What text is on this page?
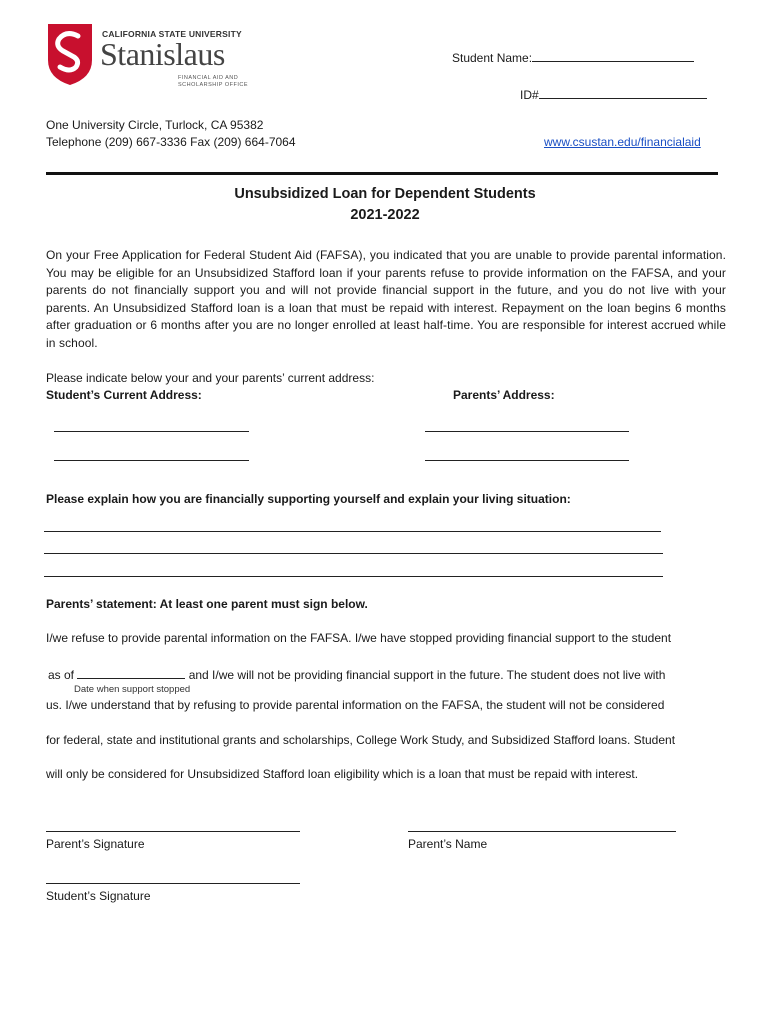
CALIFORNIA STATE UNIVERSITY
Stanislaus
FINANCIAL AID AND
SCHOLARSHIP OFFICE
Student Name:
ID#
One University Circle, Turlock, CA 95382
Telephone (209) 667-3336 Fax (209) 664-7064	www.csustan.edu/financialaid
Unsubsidized Loan for Dependent Students
2021-2022
On your Free Application for Federal Student Aid (FAFSA), you indicated that you are unable to provide parental information. You may be eligible for an Unsubsidized Stafford loan if your parents refuse to provide information on the FAFSA, and your parents do not financially support you and will not provide financial support in the future, and you do not live with your parents. An Unsubsidized Stafford loan is a loan that must be repaid with interest. Repayment on the loan begins 6 months after graduation or 6 months after you are no longer enrolled at least half-time. You are responsible for interest accrued while in school.
Please indicate below your and your parents’ current address:
Student’s Current Address:	Parents’ Address:
Please explain how you are financially supporting yourself and explain your living situation:
Parents’ statement: At least one parent must sign below.
I/we refuse to provide parental information on the FAFSA. I/we have stopped providing financial support to the student
as of	and I/we will not be providing financial support in the future. The student does not live with
Date when support stopped
us. I/we understand that by refusing to provide parental information on the FAFSA, the student will not be considered
for federal, state and institutional grants and scholarships, College Work Study, and Subsidized Stafford loans. Student
will only be considered for Unsubsidized Stafford loan eligibility which is a loan that must be repaid with interest.
Parent’s Signature	Parent’s Name
Student’s Signature
